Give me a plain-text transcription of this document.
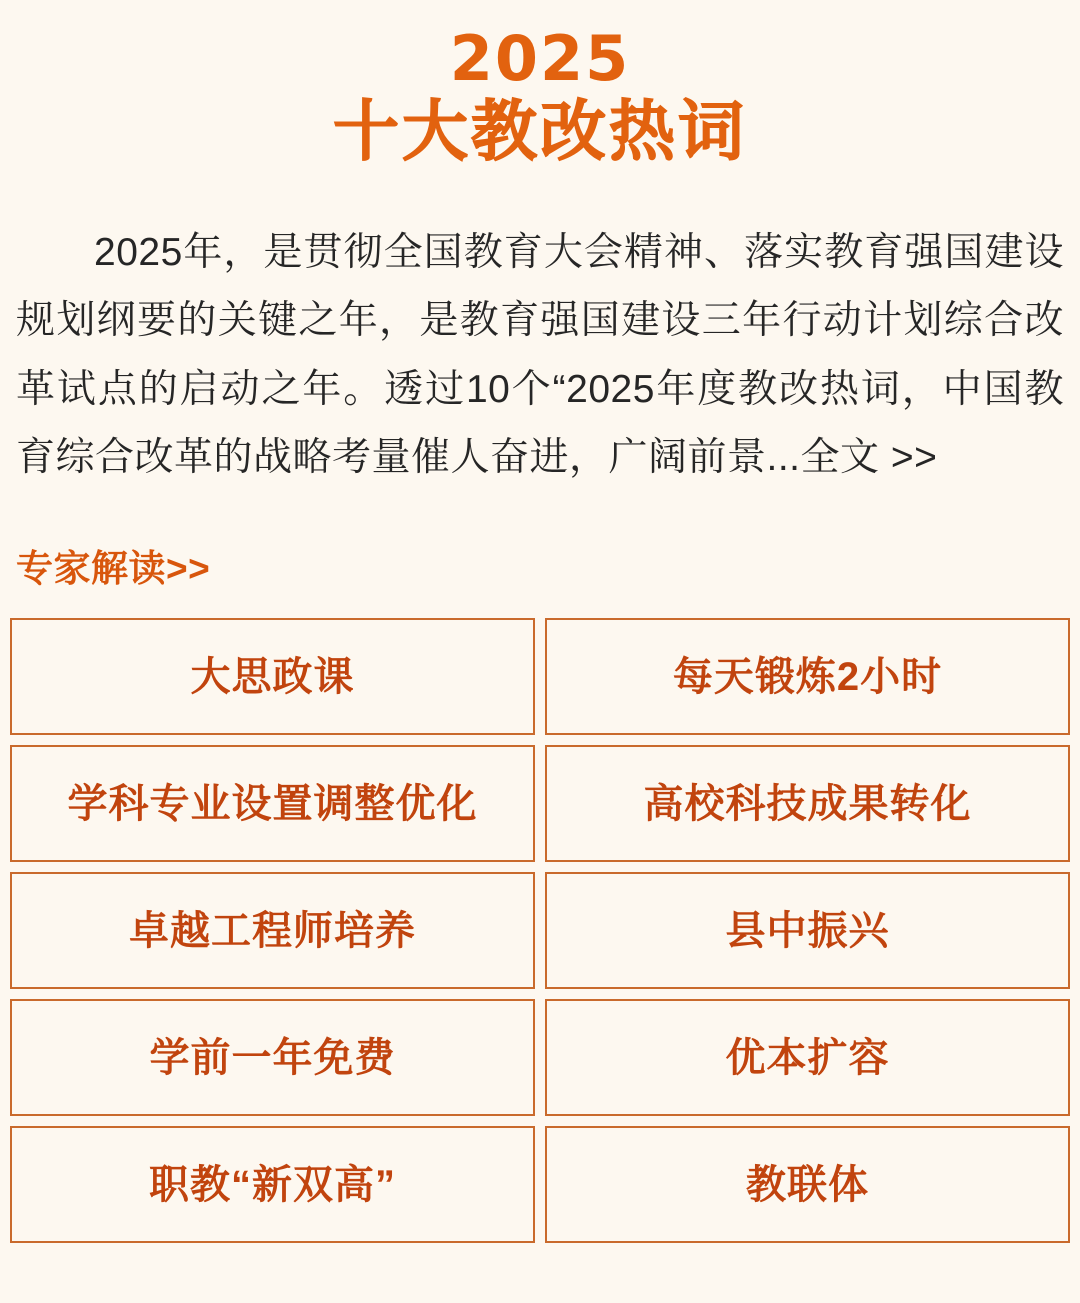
2025
十大教改热词

2025年，是贯彻全国教育大会精神、落实教育强国建设规划纲要的关键之年，是教育强国建设三年行动计划综合改革试点的启动之年。透过10个“2025年度教改热词，中国教育综合改革的战略考量催人奋进，广阔前景...全文 >>

专家解读>>
大思政课	每天锻炼2小时
学科专业设置调整优化	高校科技成果转化
卓越工程师培养	县中振兴
学前一年免费	优本扩容
职教“新双高”	教联体
